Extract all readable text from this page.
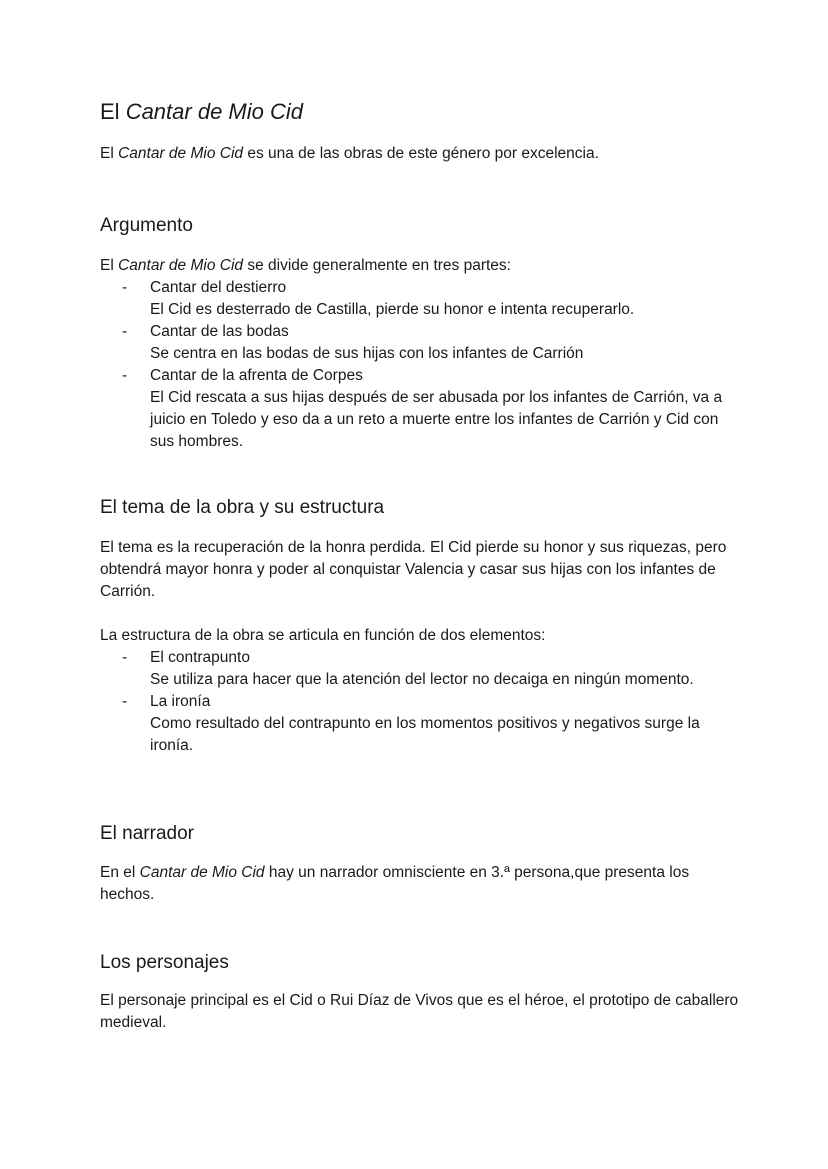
El Cantar de Mio Cid

El Cantar de Mio Cid es una de las obras de este género por excelencia.

Argumento

El Cantar de Mio Cid se divide generalmente en tres partes:

- Cantar del destierro
El Cid es desterrado de Castilla, pierde su honor e intenta recuperarlo.
- Cantar de las bodas
Se centra en las bodas de sus hijas con los infantes de Carrión
- Cantar de la afrenta de Corpes
El Cid rescata a sus hijas después de ser abusada por los infantes de Carrión, va a juicio en Toledo y eso da a un reto a muerte entre los infantes de Carrión y Cid con sus hombres.
El tema de la obra y su estructura

El tema es la recuperación de la honra perdida. El Cid pierde su honor y sus riquezas, pero obtendrá mayor honra y poder al conquistar Valencia y casar sus hijas con los infantes de Carrión.

La estructura de la obra se articula en función de dos elementos:

- El contrapunto
Se utiliza para hacer que la atención del lector no decaiga en ningún momento.
- La ironía
Como resultado del contrapunto en los momentos positivos y negativos surge la ironía.
El narrador

En el Cantar de Mio Cid hay un narrador omnisciente en 3.ª persona,que presenta los hechos.

Los personajes

El personaje principal es el Cid o Rui Díaz de Vivos que es el héroe, el prototipo de caballero medieval.
